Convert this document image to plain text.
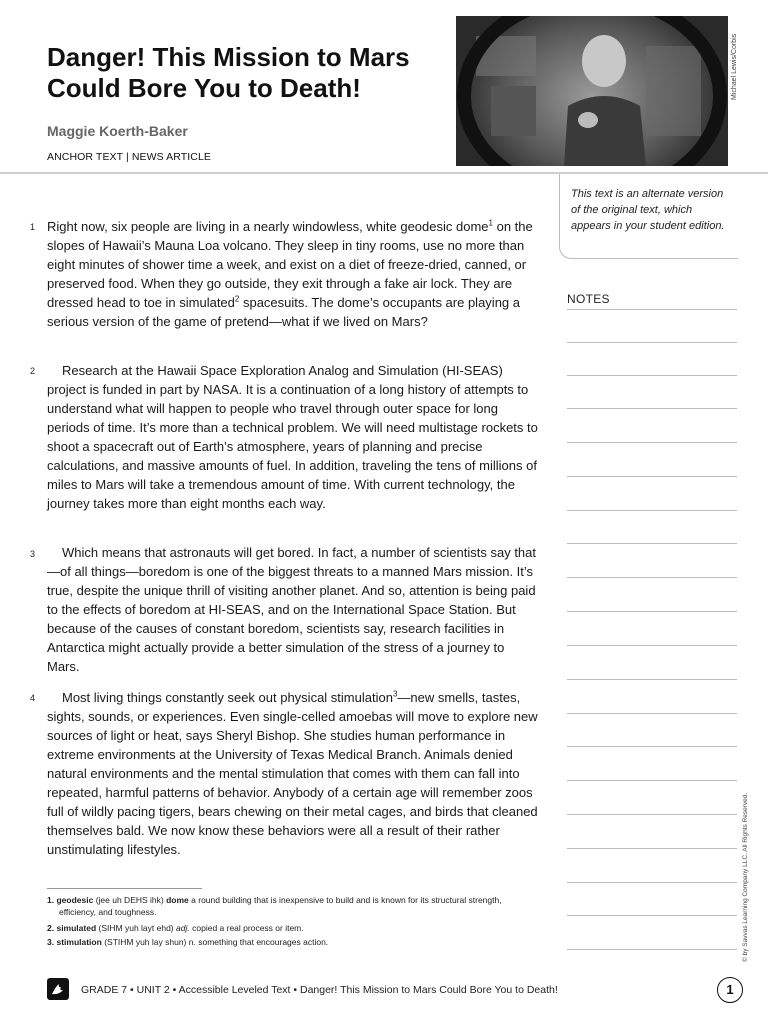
Danger! This Mission to Mars Could Bore You to Death!
Maggie Koerth-Baker
ANCHOR TEXT | NEWS ARTICLE
Michael Lewis/Corbis
This text is an alternate version of the original text, which appears in your student edition.
NOTES
1 Right now, six people are living in a nearly windowless, white geodesic dome$^1$ on the slopes of Hawaii’s Mauna Loa volcano. They sleep in tiny rooms, use no more than eight minutes of shower time a week, and exist on a diet of freeze-dried, canned, or preserved food. When they go outside, they exit through a fake air lock. They are dressed head to toe in simulated$^2$ spacesuits. The dome’s occupants are playing a serious version of the game of pretend—what if we lived on Mars?

2	Research at the Hawaii Space Exploration Analog and Simulation (HI-SEAS) project is funded in part by NASA. It is a continuation of a long history of attempts to understand what will happen to people who travel through outer space for long periods of time. It’s more than a technical problem. We will need multistage rockets to shoot a spacecraft out of Earth’s atmosphere, years of planning and precise calculations, and massive amounts of fuel. In addition, traveling the tens of millions of miles to Mars will take a tremendous amount of time. With current technology, the journey takes more than eight months each way.

3	Which means that astronauts will get bored. In fact, a number of scientists say that—of all things—boredom is one of the biggest threats to a manned Mars mission. It’s true, despite the unique thrill of visiting another planet. And so, attention is being paid to the effects of boredom at HI-SEAS, and on the International Space Station. But because of the causes of constant boredom, scientists say, research facilities in Antarctica might actually provide a better simulation of the stress of a journey to Mars.

4	Most living things constantly seek out physical stimulation$^3$—new smells, tastes, sights, sounds, or experiences. Even single-celled amoebas will move to explore new sources of light or heat, says Sheryl Bishop. She studies human performance in extreme environments at the University of Texas Medical Branch. Animals denied natural environments and the mental stimulation that comes with them can fall into repeated, harmful patterns of behavior. Anybody of a certain age will remember zoos full of wildly pacing tigers, bears chewing on their metal cages, and birds that cleaned themselves bald. We now know these behaviors were all a result of their rather unstimulating lifestyles.

1. geodesic (jee uh DEHS ihk) dome a round building that is inexpensive to build and is known for its structural strength, efficiency, and toughness.
2. simulated (SIHM yuh layt ehd) adj. copied a real process or item.
3. stimulation (STIHM yuh lay shun) n. something that encourages action.	© by Savvas Learning Company LLC. All Rights Reserved.
GRADE 7 • UNIT 2 • Accessible Leveled Text • Danger! This Mission to Mars Could Bore You to Death!	1
